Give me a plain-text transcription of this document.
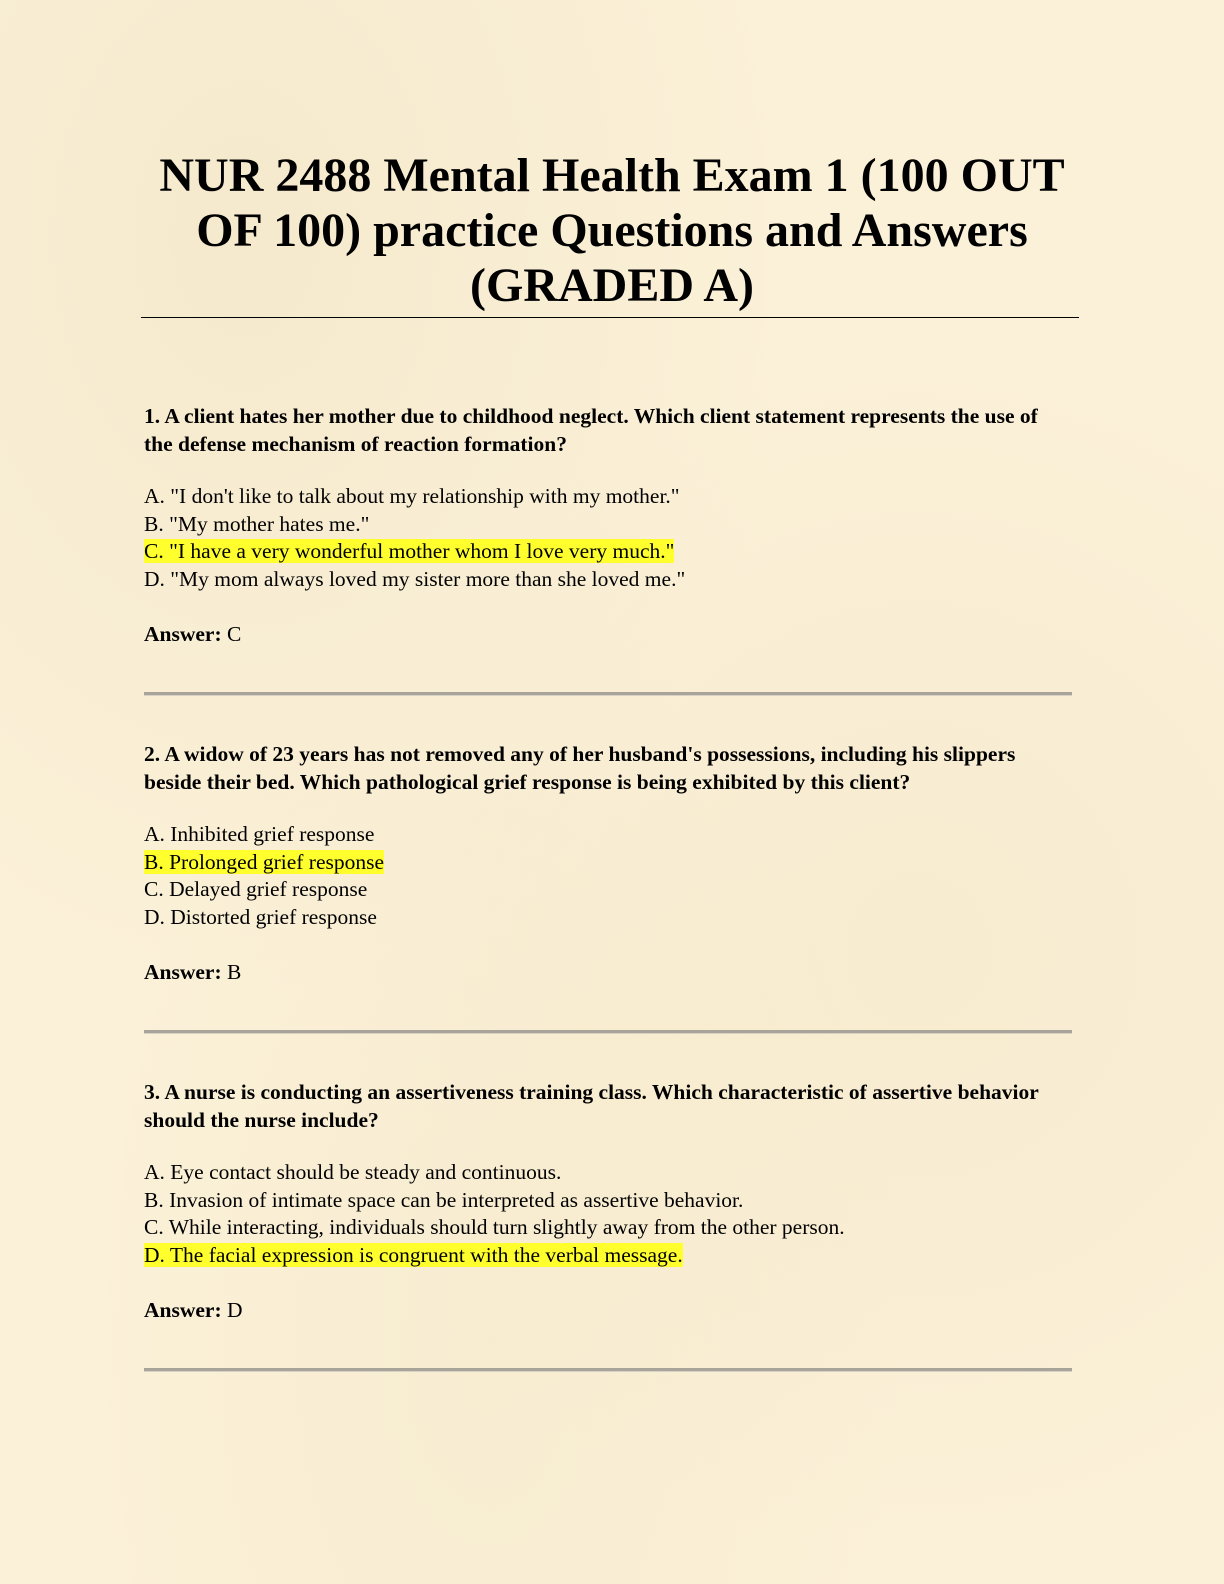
NUR 2488 Mental Health Exam 1 (100 OUT OF 100) practice Questions and Answers (GRADED A)

1. A client hates her mother due to childhood neglect. Which client statement represents the use of the defense mechanism of reaction formation?

A. "I don't like to talk about my relationship with my mother."
B. "My mother hates me."
C. "I have a very wonderful mother whom I love very much."
D. "My mom always loved my sister more than she loved me."
Answer: C

2. A widow of 23 years has not removed any of her husband's possessions, including his slippers beside their bed. Which pathological grief response is being exhibited by this client?

A. Inhibited grief response
B. Prolonged grief response
C. Delayed grief response
D. Distorted grief response
Answer: B

3. A nurse is conducting an assertiveness training class. Which characteristic of assertive behavior should the nurse include?

A. Eye contact should be steady and continuous.
B. Invasion of intimate space can be interpreted as assertive behavior.
C. While interacting, individuals should turn slightly away from the other person.
D. The facial expression is congruent with the verbal message.
Answer: D
